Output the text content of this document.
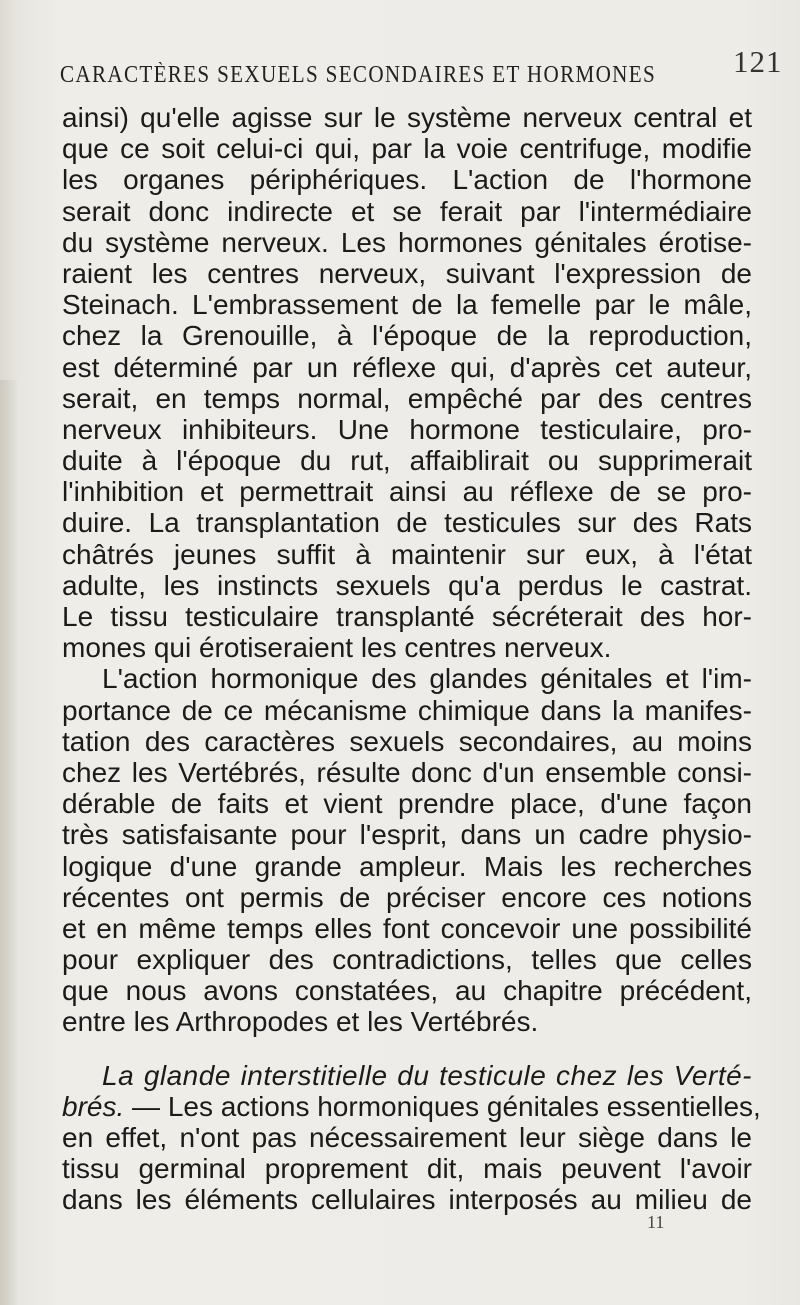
CARACTÈRES SEXUELS SECONDAIRES ET HORMONES 121
ainsi) qu'elle agisse sur le système nerveux central et
que ce soit celui-ci qui, par la voie centrifuge, modifie
les organes périphériques. L'action de l'hormone
serait donc indirecte et se ferait par l'intermédiaire
du système nerveux. Les hormones génitales érotise-
raient les centres nerveux, suivant l'expression de
Steinach. L'embrassement de la femelle par le mâle,
chez la Grenouille, à l'époque de la reproduction,
est déterminé par un réflexe qui, d'après cet auteur,
serait, en temps normal, empêché par des centres
nerveux inhibiteurs. Une hormone testiculaire, pro-
duite à l'époque du rut, affaiblirait ou supprimerait
l'inhibition et permettrait ainsi au réflexe de se pro-
duire. La transplantation de testicules sur des Rats
châtrés jeunes suffit à maintenir sur eux, à l'état
adulte, les instincts sexuels qu'a perdus le castrat.
Le tissu testiculaire transplanté sécréterait des hor-
mones qui érotiseraient les centres nerveux.
L'action hormonique des glandes génitales et l'im-
portance de ce mécanisme chimique dans la manifes-
tation des caractères sexuels secondaires, au moins
chez les Vertébrés, résulte donc d'un ensemble consi-
dérable de faits et vient prendre place, d'une façon
très satisfaisante pour l'esprit, dans un cadre physio-
logique d'une grande ampleur. Mais les recherches
récentes ont permis de préciser encore ces notions
et en même temps elles font concevoir une possibilité
pour expliquer des contradictions, telles que celles
que nous avons constatées, au chapitre précédent,
entre les Arthropodes et les Vertébrés.
La glande interstitielle du testicule chez les Verté-
brés. — Les actions hormoniques génitales essentielles,
en effet, n'ont pas nécessairement leur siège dans le
tissu germinal proprement dit, mais peuvent l'avoir
dans les éléments cellulaires interposés au milieu de
11
